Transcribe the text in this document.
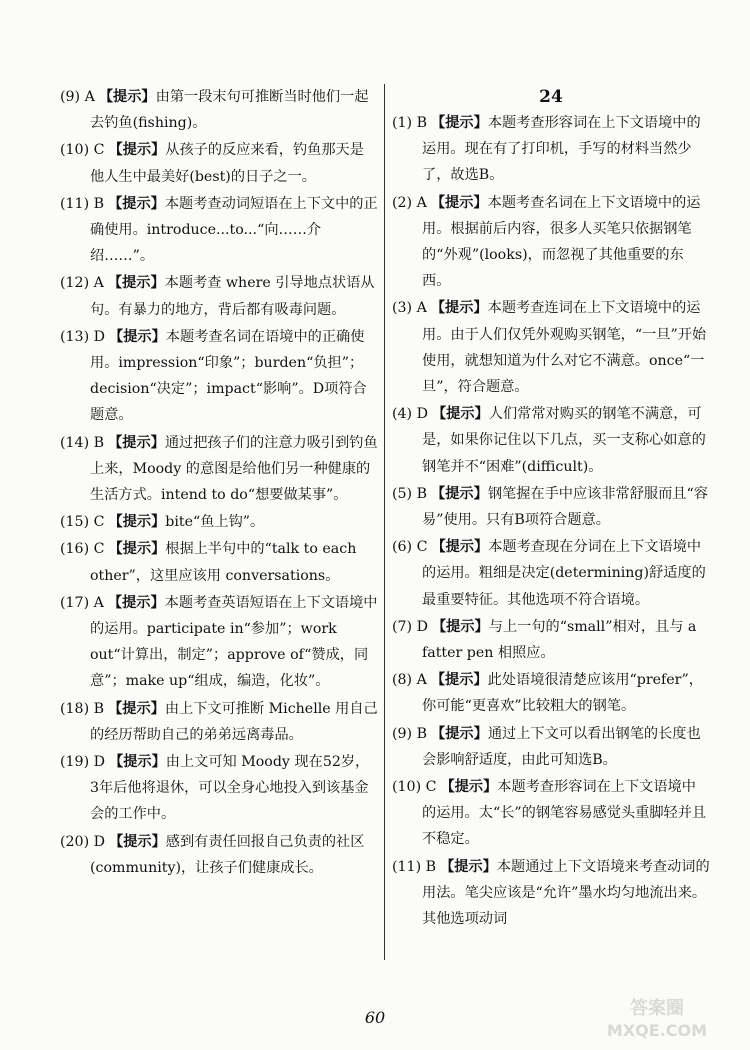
(9) A 【提示】由第一段末句可推断当时他们一起去钓鱼(fishing)。
(10) C 【提示】从孩子的反应来看，钓鱼那天是他人生中最美好(best)的日子之一。
(11) B 【提示】本题考查动词短语在上下文中的正确使用。introduce...to...“向……介绍……”。
(12) A 【提示】本题考查 where 引导地点状语从句。有暴力的地方，背后都有吸毒问题。
(13) D 【提示】本题考查名词在语境中的正确使用。impression“印象”；burden“负担”；decision“决定”；impact“影响”。D项符合题意。
(14) B 【提示】通过把孩子们的注意力吸引到钓鱼上来，Moody 的意图是给他们另一种健康的生活方式。intend to do“想要做某事”。
(15) C 【提示】bite“鱼上钩”。
(16) C 【提示】根据上半句中的“talk to each other”，这里应该用 conversations。
(17) A 【提示】本题考查英语短语在上下文语境中的运用。participate in“参加”；work out“计算出，制定”；approve of“赞成，同意”；make up“组成，编造，化妆”。
(18) B 【提示】由上下文可推断 Michelle 用自己的经历帮助自己的弟弟远离毒品。
(19) D 【提示】由上文可知 Moody 现在52岁，3年后他将退休，可以全身心地投入到该基金会的工作中。
(20) D 【提示】感到有责任回报自己负责的社区(community)，让孩子们健康成长。
24
(1) B 【提示】本题考查形容词在上下文语境中的运用。现在有了打印机，手写的材料当然少了，故选B。
(2) A 【提示】本题考查名词在上下文语境中的运用。根据前后内容，很多人买笔只依据钢笔的“外观”(looks)，而忽视了其他重要的东西。
(3) A 【提示】本题考查连词在上下文语境中的运用。由于人们仅凭外观购买钢笔，“一旦”开始使用，就想知道为什么对它不满意。once“一旦”，符合题意。
(4) D 【提示】人们常常对购买的钢笔不满意，可是，如果你记住以下几点，买一支称心如意的钢笔并不“困难”(difficult)。
(5) B 【提示】钢笔握在手中应该非常舒服而且“容易”使用。只有B项符合题意。
(6) C 【提示】本题考查现在分词在上下文语境中的运用。粗细是决定(determining)舒适度的最重要特征。其他选项不符合语境。
(7) D 【提示】与上一句的“small”相对，且与 a fatter pen 相照应。
(8) A 【提示】此处语境很清楚应该用“prefer”，你可能“更喜欢”比较粗大的钢笔。
(9) B 【提示】通过上下文可以看出钢笔的长度也会影响舒适度，由此可知选B。
(10) C 【提示】本题考查形容词在上下文语境中的运用。太“长”的钢笔容易感觉头重脚轻并且不稳定。
(11) B 【提示】本题通过上下文语境来考查动词的用法。笔尖应该是“允许”墨水均匀地流出来。其他选项动词
60	答案圈
MXQE.COM
